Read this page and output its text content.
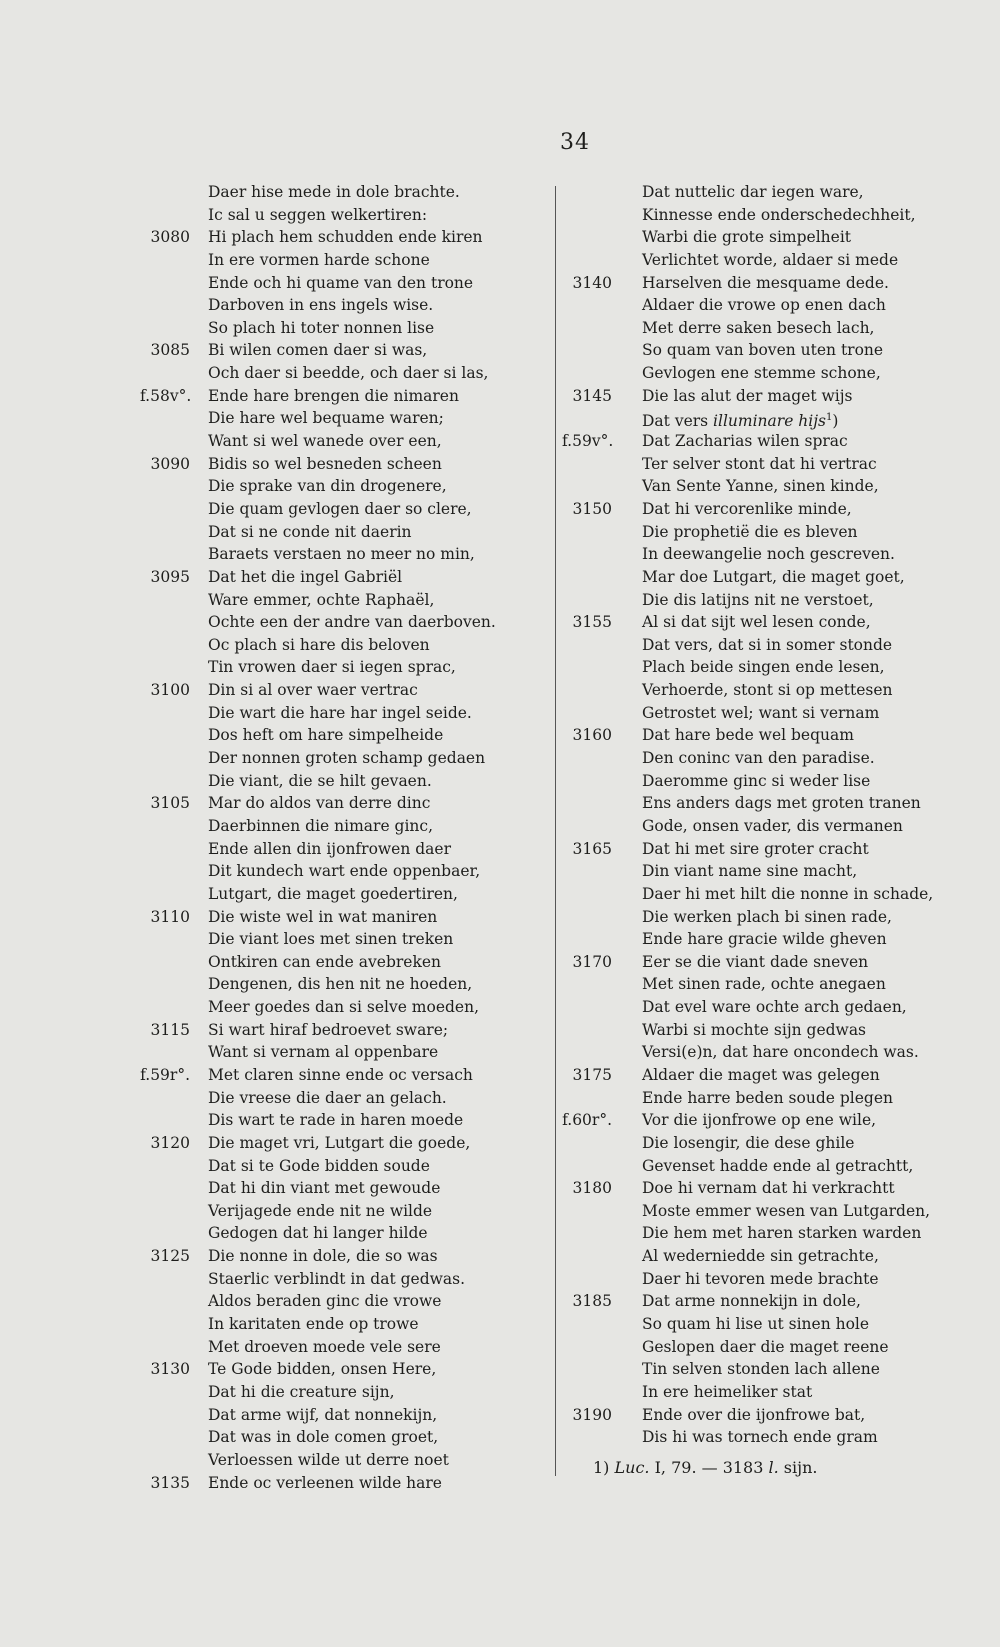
34
Daer hise mede in dole brachte.
Ic sal u seggen welkertiren:
3080 Hi plach hem schudden ende kiren
In ere vormen harde schone
Ende och hi quame van den trone
Darboven in ens ingels wise.
So plach hi toter nonnen lise
3085 Bi wilen comen daer si was,
Och daer si beedde, och daer si las,
f.58v°. Ende hare brengen die nimaren
Die hare wel bequame waren;
Want si wel wanede over een,
3090 Bidis so wel besneden scheen
Die sprake van din drogenere,
Die quam gevlogen daer so clere,
Dat si ne conde nit daerin
Baraets verstaen no meer no min,
3095 Dat het die ingel Gabriël
Ware emmer, ochte Raphaël,
Ochte een der andre van daerboven.
Oc plach si hare dis beloven
Tin vrowen daer si iegen sprac,
3100 Din si al over waer vertrac
Die wart die hare har ingel seide.
Dos heft om hare simpelheide
Der nonnen groten schamp gedaen
Die viant, die se hilt gevaen.
3105 Mar do aldos van derre dinc
Daerbinnen die nimare ginc,
Ende allen din ijonfrowen daer
Dit kundech wart ende oppenbaer,
Lutgart, die maget goedertiren,
3110 Die wiste wel in wat maniren
Die viant loes met sinen treken
Ontkiren can ende avebreken
Dengenen, dis hen nit ne hoeden,
Meer goedes dan si selve moeden,
3115 Si wart hiraf bedroevet sware;
Want si vernam al oppenbare
f.59r°. Met claren sinne ende oc versach
Die vreese die daer an gelach.
Dis wart te rade in haren moede
3120 Die maget vri, Lutgart die goede,
Dat si te Gode bidden soude
Dat hi din viant met gewoude
Verijagede ende nit ne wilde
Gedogen dat hi langer hilde
3125 Die nonne in dole, die so was
Staerlic verblindt in dat gedwas.
Aldos beraden ginc die vrowe
In karitaten ende op trowe
Met droeven moede vele sere
3130 Te Gode bidden, onsen Here,
Dat hi die creature sijn,
Dat arme wijf, dat nonnekijn,
Dat was in dole comen groet,
Verloessen wilde ut derre noet
3135 Ende oc verleenen wilde hare
Dat nuttelic dar iegen ware,
Kinnesse ende onderschedechheit,
Warbi die grote simpelheit
Verlichtet worde, aldaer si mede
3140 Harselven die mesquame dede.
Aldaer die vrowe op enen dach
Met derre saken besech lach,
So quam van boven uten trone
Gevlogen ene stemme schone,
3145 Die las alut der maget wijs
Dat vers illuminare hijs$^1$)
f.59v°. Dat Zacharias wilen sprac
Ter selver stont dat hi vertrac
Van Sente Yanne, sinen kinde,
3150 Dat hi vercorenlike minde,
Die prophetië die es bleven
In deewangelie noch gescreven.
Mar doe Lutgart, die maget goet,
Die dis latijns nit ne verstoet,
3155 Al si dat sijt wel lesen conde,
Dat vers, dat si in somer stonde
Plach beide singen ende lesen,
Verhoerde, stont si op mettesen
Getrostet wel; want si vernam
3160 Dat hare bede wel bequam
Den coninc van den paradise.
Daeromme ginc si weder lise
Ens anders dags met groten tranen
Gode, onsen vader, dis vermanen
3165 Dat hi met sire groter cracht
Din viant name sine macht,
Daer hi met hilt die nonne in schade,
Die werken plach bi sinen rade,
Ende hare gracie wilde gheven
3170 Eer se die viant dade sneven
Met sinen rade, ochte anegaen
Dat evel ware ochte arch gedaen,
Warbi si mochte sijn gedwas
Versi(e)n, dat hare oncondech was.
3175 Aldaer die maget was gelegen
Ende harre beden soude plegen
f.60r°. Vor die ijonfrowe op ene wile,
Die losengir, die dese ghile
Gevenset hadde ende al getrachtt,
3180 Doe hi vernam dat hi verkrachtt
Moste emmer wesen van Lutgarden,
Die hem met haren starken warden
Al wederniedde sin getrachte,
Daer hi tevoren mede brachte
3185 Dat arme nonnekijn in dole,
So quam hi lise ut sinen hole
Geslopen daer die maget reene
Tin selven stonden lach allene
In ere heimeliker stat
3190 Ende over die ijonfrowe bat,
Dis hi was tornech ende gram
1) Luc. I, 79. — 3183 l. sijn.
